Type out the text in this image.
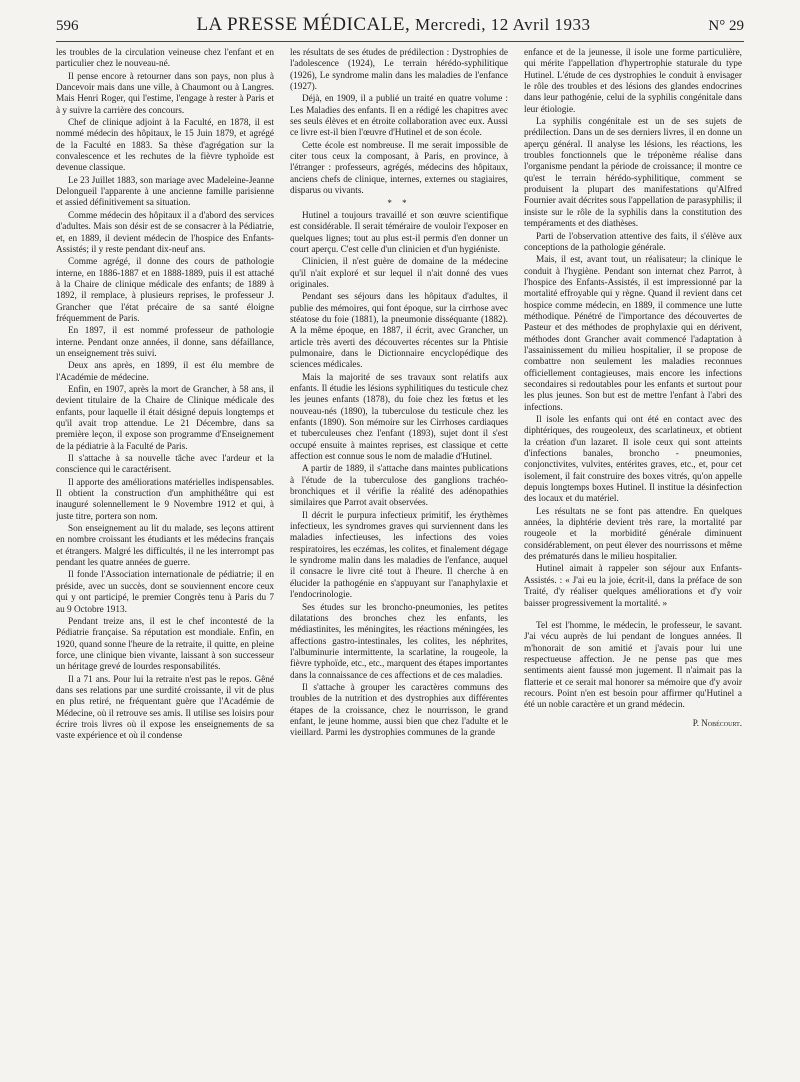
596	LA PRESSE MÉDICALE, Mercredi, 12 Avril 1933	N° 29

les troubles de la circulation veineuse chez l'enfant et en particulier chez le nouveau-né.

Il pense encore à retourner dans son pays, non plus à Dancevoir mais dans une ville, à Chaumont ou à Langres. Mais Henri Roger, qui l'estime, l'engage à rester à Paris et à y suivre la carrière des concours.

Chef de clinique adjoint à la Faculté, en 1878, il est nommé médecin des hôpitaux, le 15 Juin 1879, et agrégé de la Faculté en 1883. Sa thèse d'agrégation sur la convalescence et les rechutes de la fièvre typhoïde est devenue classique.

Le 23 Juillet 1883, son mariage avec Madeleine-Jeanne Delongueil l'apparente à une ancienne famille parisienne et assied définitivement sa situation.

Comme médecin des hôpitaux il a d'abord des services d'adultes. Mais son désir est de se consacrer à la Pédiatrie, et, en 1889, il devient médecin de l'hospice des Enfants-Assistés; il y reste pendant dix-neuf ans.

Comme agrégé, il donne des cours de pathologie interne, en 1886-1887 et en 1888-1889, puis il est attaché à la Chaire de clinique médicale des enfants; de 1889 à 1892, il remplace, à plusieurs reprises, le professeur J. Grancher que l'état précaire de sa santé éloigne fréquemment de Paris.

En 1897, il est nommé professeur de pathologie interne. Pendant onze années, il donne, sans défaillance, un enseignement très suivi.

Deux ans après, en 1899, il est élu membre de l'Académie de médecine.

Enfin, en 1907, après la mort de Grancher, à 58 ans, il devient titulaire de la Chaire de Clinique médicale des enfants, pour laquelle il était désigné depuis longtemps et qu'il avait trop attendue. Le 21 Décembre, dans sa première leçon, il expose son programme d'Enseignement de la pédiatrie à la Faculté de Paris.

Il s'attache à sa nouvelle tâche avec l'ardeur et la conscience qui le caractérisent.

Il apporte des améliorations matérielles indispensables. Il obtient la construction d'un amphithéâtre qui est inauguré solennellement le 9 Novembre 1912 et qui, à juste titre, portera son nom.

Son enseignement au lit du malade, ses leçons attirent en nombre croissant les étudiants et les médecins français et étrangers. Malgré les difficultés, il ne les interrompt pas pendant les quatre années de guerre.

Il fonde l'Association internationale de pédiatrie; il en préside, avec un succès, dont se souviennent encore ceux qui y ont participé, le premier Congrès tenu à Paris du 7 au 9 Octobre 1913.

Pendant treize ans, il est le chef incontesté de la Pédiatrie française. Sa réputation est mondiale. Enfin, en 1920, quand sonne l'heure de la retraite, il quitte, en pleine force, une clinique bien vivante, laissant à son successeur un héritage grevé de lourdes responsabilités.

Il a 71 ans. Pour lui la retraite n'est pas le repos. Gêné dans ses relations par une surdité croissante, il vit de plus en plus retiré, ne fréquentant guère que l'Académie de Médecine, où il retrouve ses amis. Il utilise ses loisirs pour écrire trois livres où il expose les enseignements de sa vaste expérience et où il condense

les résultats de ses études de prédilection : Dystrophies de l'adolescence (1924), Le terrain hérédo-syphilitique (1926), Le syndrome malin dans les maladies de l'enfance (1927).

Déjà, en 1909, il a publié un traité en quatre volume : Les Maladies des enfants. Il en a rédigé les chapitres avec ses seuls élèves et en étroite collaboration avec eux. Aussi ce livre est-il bien l'œuvre d'Hutinel et de son école.

Cette école est nombreuse. Il me serait impossible de citer tous ceux la composant, à Paris, en province, à l'étranger : professeurs, agrégés, médecins des hôpitaux, anciens chefs de clinique, internes, externes ou stagiaires, disparus ou vivants.

* *

Hutinel a toujours travaillé et son œuvre scientifique est considérable. Il serait téméraire de vouloir l'exposer en quelques lignes; tout au plus est-il permis d'en donner un court aperçu. C'est celle d'un clinicien et d'un hygiéniste.

Clinicien, il n'est guère de domaine de la médecine qu'il n'ait exploré et sur lequel il n'ait donné des vues originales.

Pendant ses séjours dans les hôpitaux d'adultes, il publie des mémoires, qui font époque, sur la cirrhose avec stéatose du foie (1881), la pneumonie disséquante (1882). A la même époque, en 1887, il écrit, avec Grancher, un article très averti des découvertes récentes sur la Phtisie pulmonaire, dans le Dictionnaire encyclopédique des sciences médicales.

Mais la majorité de ses travaux sont relatifs aux enfants. Il étudie les lésions syphilitiques du testicule chez les jeunes enfants (1878), du foie chez les fœtus et les nouveau-nés (1890), la tuberculose du testicule chez les enfants (1890). Son mémoire sur les Cirrhoses cardiaques et tuberculeuses chez l'enfant (1893), sujet dont il s'est occupé ensuite à maintes reprises, est classique et cette affection est connue sous le nom de maladie d'Hutinel.

A partir de 1889, il s'attache dans maintes publications à l'étude de la tuberculose des ganglions trachéo-bronchiques et il vérifie la réalité des adénopathies similaires que Parrot avait observées.

Il décrit le purpura infectieux primitif, les érythèmes infectieux, les syndromes graves qui surviennent dans les maladies infectieuses, les infections des voies respiratoires, les eczémas, les colites, et finalement dégage le syndrome malin dans les maladies de l'enfance, auquel il consacre le livre cité tout à l'heure. Il cherche à en élucider la pathogénie en s'appuyant sur l'anaphylaxie et l'endocrinologie.

Ses études sur les broncho-pneumonies, les petites dilatations des bronches chez les enfants, les médiastinites, les méningites, les réactions méningées, les affections gastro-intestinales, les colites, les néphrites, l'albuminurie intermittente, la scarlatine, la rougeole, la fièvre typhoïde, etc., etc., marquent des étapes importantes dans la connaissance de ces affections et de ces maladies.

Il s'attache à grouper les caractères communs des troubles de la nutrition et des dystrophies aux différentes étapes de la croissance, chez le nourrisson, le grand enfant, le jeune homme, aussi bien que chez l'adulte et le vieillard. Parmi les dystrophies communes de la grande

enfance et de la jeunesse, il isole une forme particulière, qui mérite l'appellation d'hypertrophie staturale du type Hutinel. L'étude de ces dystrophies le conduit à envisager le rôle des troubles et des lésions des glandes endocrines dans leur pathogénie, celui de la syphilis congénitale dans leur étiologie.

La syphilis congénitale est un de ses sujets de prédilection. Dans un de ses derniers livres, il en donne un aperçu général. Il analyse les lésions, les réactions, les troubles fonctionnels que le tréponème réalise dans l'organisme pendant la période de croissance; il montre ce qu'est le terrain hérédo-syphilitique, comment se produisent la plupart des manifestations qu'Alfred Fournier avait décrites sous l'appellation de parasyphilis; il insiste sur le rôle de la syphilis dans la constitution des tempéraments et des diathèses.

Parti de l'observation attentive des faits, il s'élève aux conceptions de la pathologie générale.

Mais, il est, avant tout, un réalisateur; la clinique le conduit à l'hygiène. Pendant son internat chez Parrot, à l'hospice des Enfants-Assistés, il est impressionné par la mortalité effroyable qui y règne. Quand il revient dans cet hospice comme médecin, en 1889, il commence une lutte méthodique. Pénétré de l'importance des découvertes de Pasteur et des méthodes de prophylaxie qui en dérivent, méthodes dont Grancher avait commencé l'adaptation à l'assainissement du milieu hospitalier, il se propose de combattre non seulement les maladies reconnues officiellement contagieuses, mais encore les infections secondaires si redoutables pour les enfants et surtout pour les plus jeunes. Son but est de mettre l'enfant à l'abri des infections.

Il isole les enfants qui ont été en contact avec des diphtériques, des rougeoleux, des scarlatineux, et obtient la création d'un lazaret. Il isole ceux qui sont atteints d'infections banales, broncho - pneumonies, conjonctivites, vulvites, entérites graves, etc., et, pour cet isolement, il fait construire des boxes vitrés, qu'on appelle depuis longtemps boxes Hutinel. Il institue la désinfection des locaux et du matériel.

Les résultats ne se font pas attendre. En quelques années, la diphtérie devient très rare, la mortalité par rougeole et la morbidité générale diminuent considérablement, on peut élever des nourrissons et même des prématurés dans le milieu hospitalier.

Hutinel aimait à rappeler son séjour aux Enfants-Assistés. : « J'ai eu la joie, écrit-il, dans la préface de son Traité, d'y réaliser quelques améliorations et d'y voir baisser progressivement la mortalité. »

Tel est l'homme, le médecin, le professeur, le savant. J'ai vécu auprès de lui pendant de longues années. Il m'honorait de son amitié et j'avais pour lui une respectueuse affection. Je ne pense pas que mes sentiments aient faussé mon jugement. Il n'aimait pas la flatterie et ce serait mal honorer sa mémoire que d'y avoir recours. Point n'en est besoin pour affirmer qu'Hutinel a été un noble caractère et un grand médecin.

P. Nobécourt.
